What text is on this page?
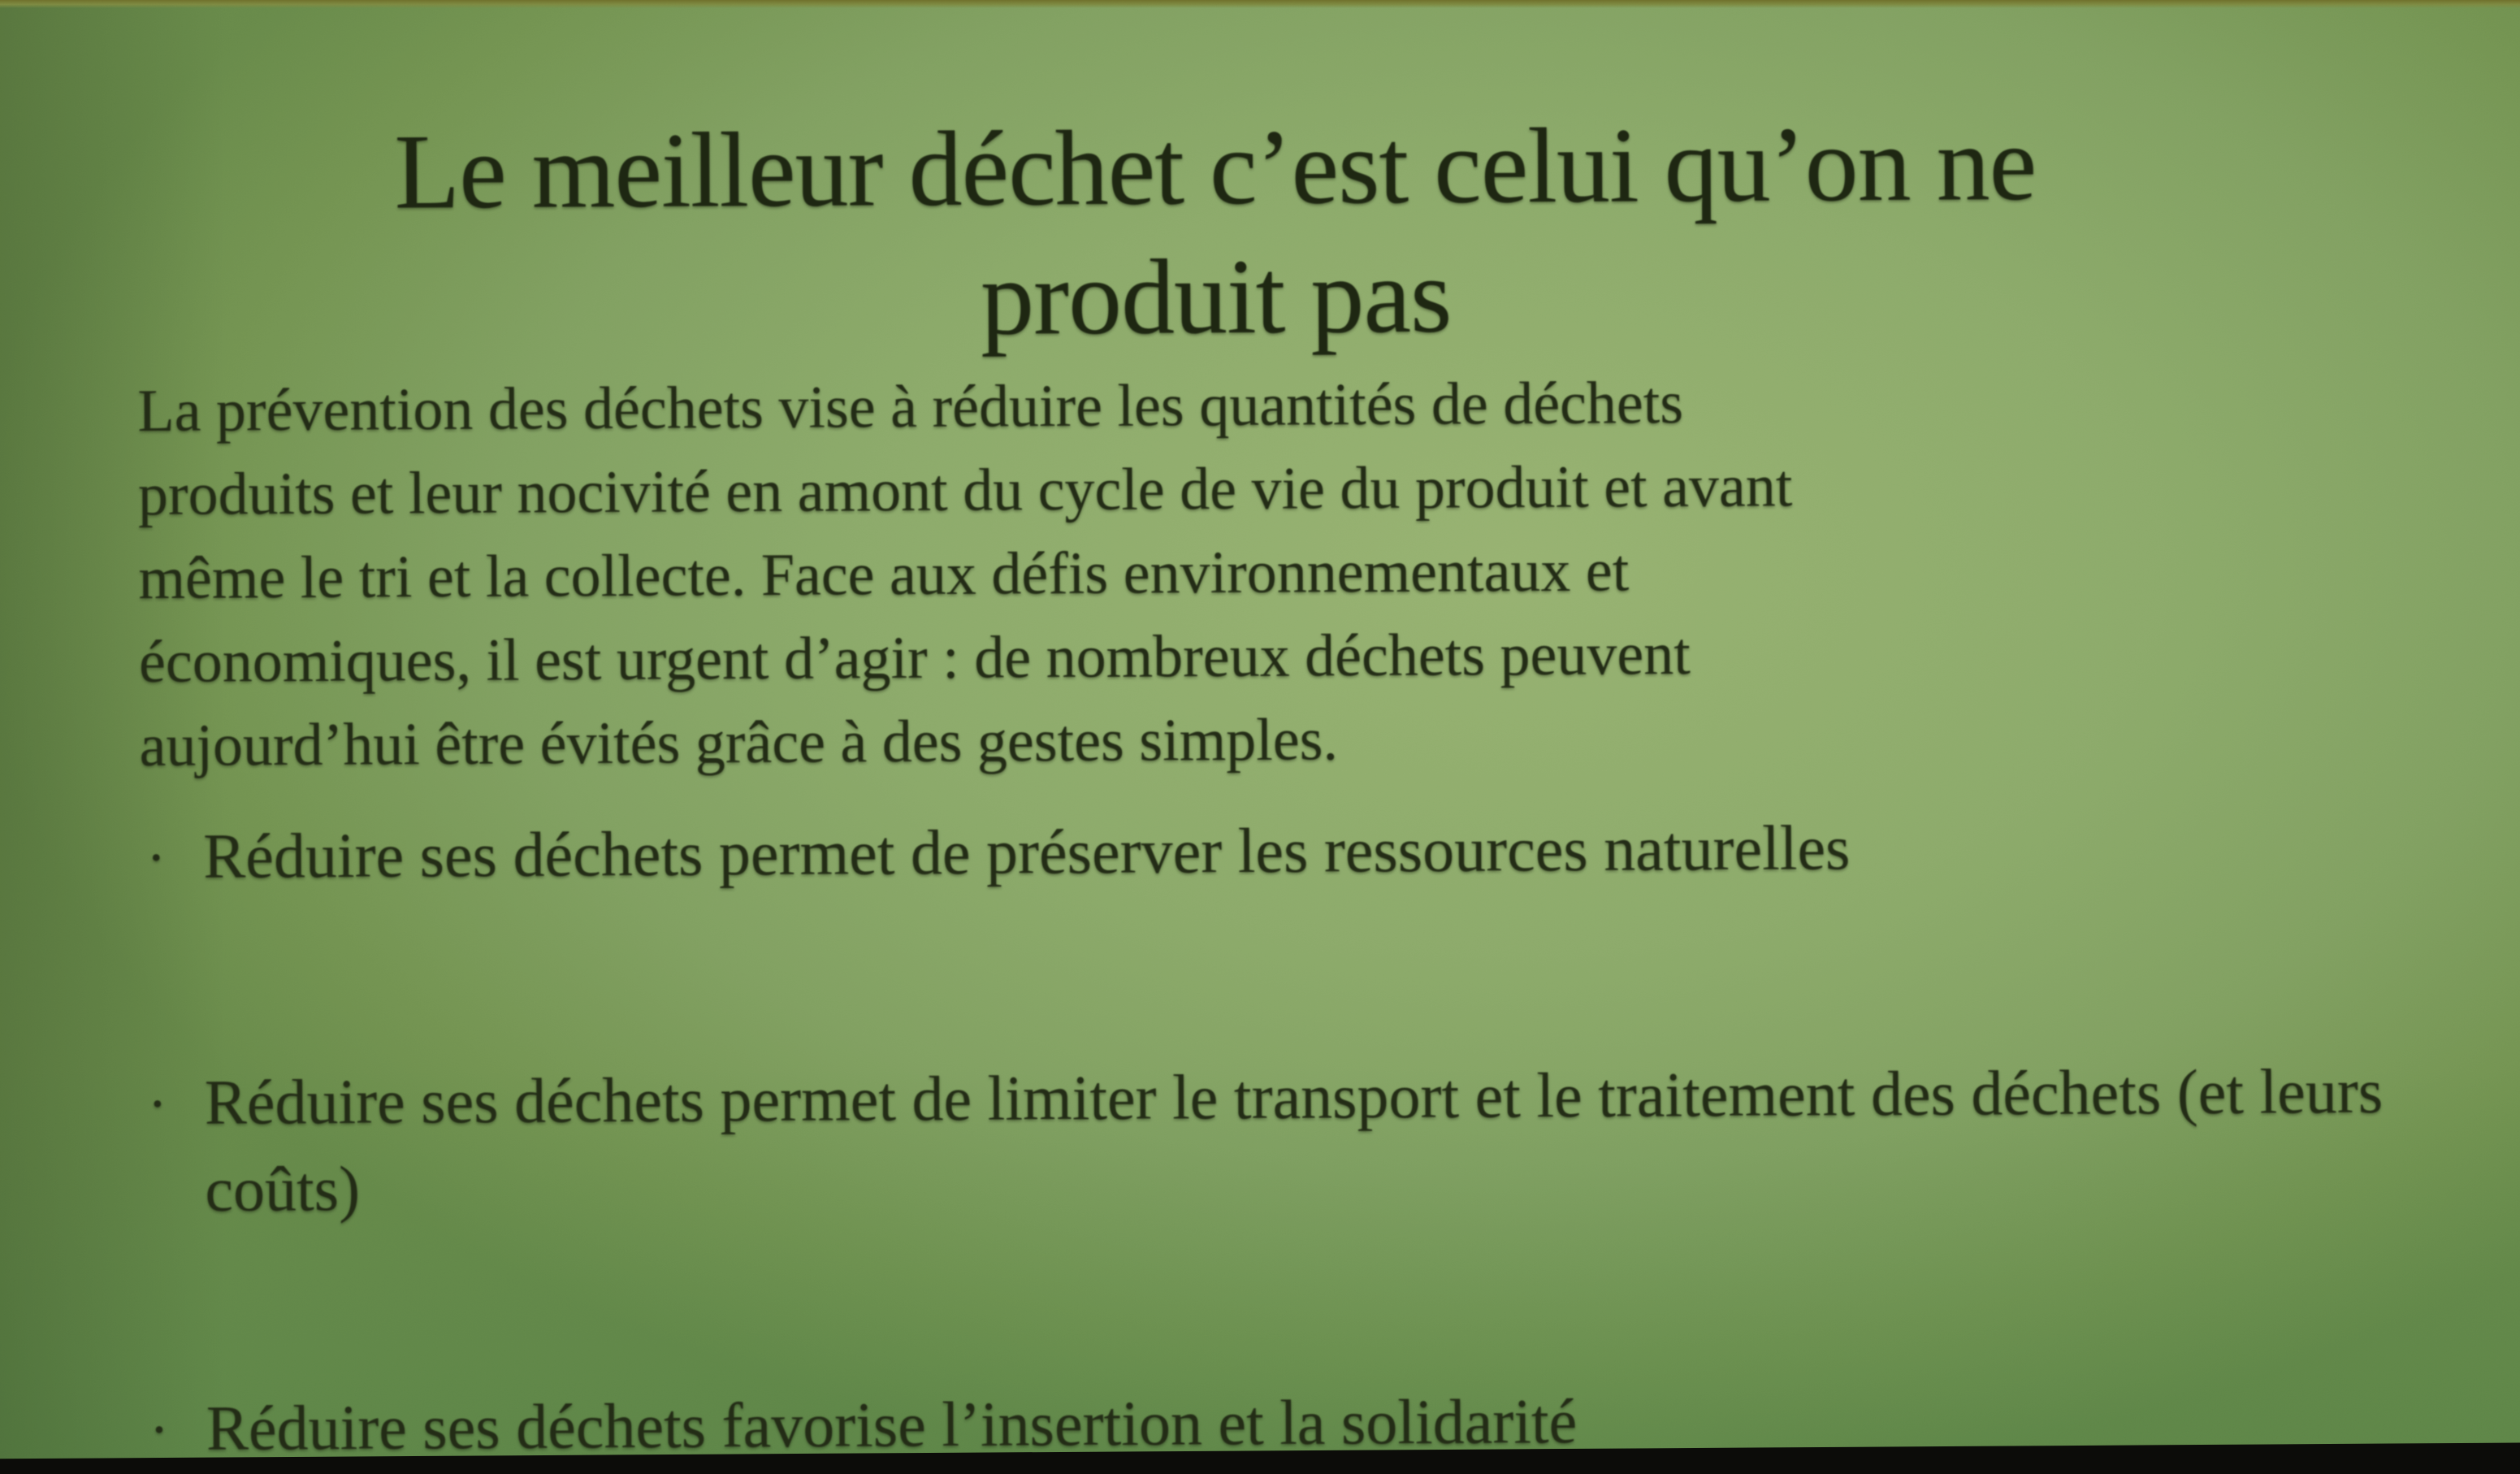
Le meilleur déchet c’est celui qu’on ne
produit pas
La prévention des déchets vise à réduire les quantités de déchets
produits et leur nocivité en amont du cycle de vie du produit et avant
même le tri et la collecte. Face aux défis environnementaux et
économiques, il est urgent d’agir : de nombreux déchets peuvent
aujourd’hui être évités grâce à des gestes simples.
· Réduire ses déchets permet de préserver les ressources naturelles
· Réduire ses déchets permet de limiter le transport et le traitement des déchets (et leurs coûts)
· Réduire ses déchets favorise l’insertion et la solidarité
